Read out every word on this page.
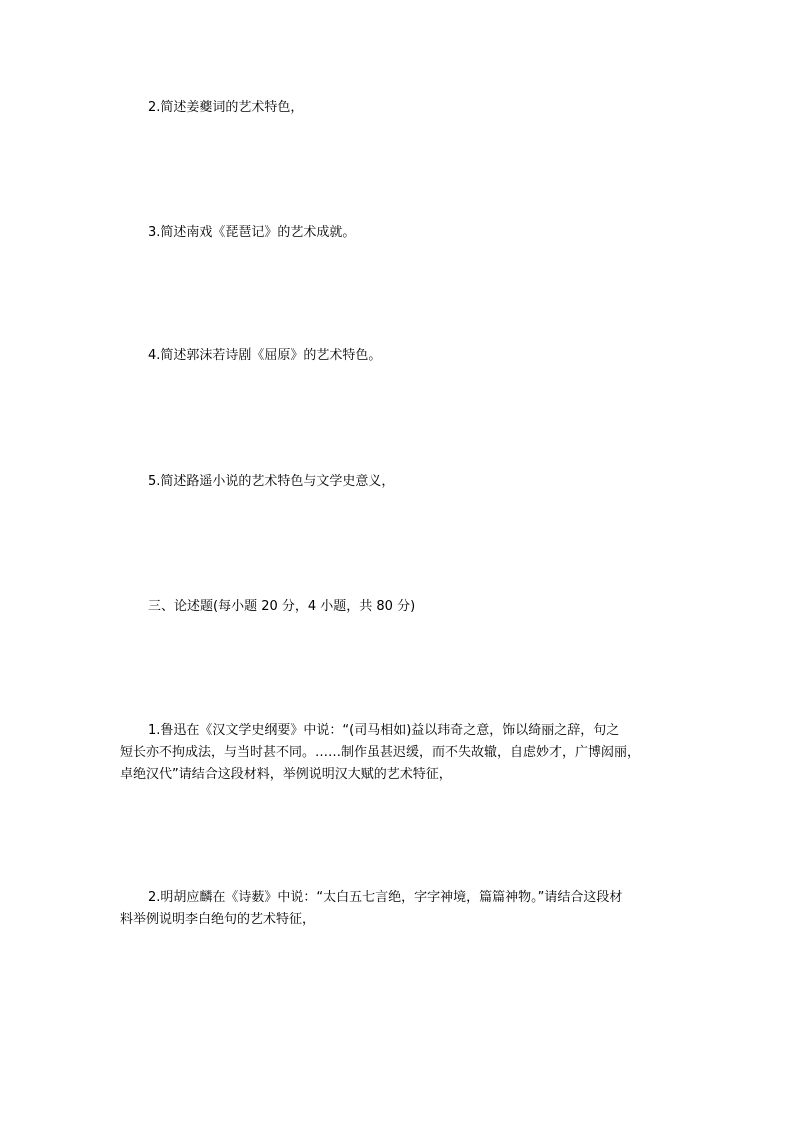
2.简述姜夔词的艺术特色，
3.简述南戏《琵琶记》的艺术成就。
4.简述郭沫若诗剧《屈原》的艺术特色。
5.简述路遥小说的艺术特色与文学史意义，
三、论述题(每小题 20 分，4 小题，共 80 分)
1.鲁迅在《汉文学史纲要》中说：“(司马相如)益以玮奇之意，饰以绮丽之辞，句之
短长亦不拘成法，与当时甚不同。……制作虽甚迟缓，而不失故辙，自虑妙才，广博闳丽，
卓绝汉代”请结合这段材料，举例说明汉大赋的艺术特征，
2.明胡应麟在《诗薮》中说：“太白五七言绝，字字神境，篇篇神物。”请结合这段材
料举例说明李白绝句的艺术特征，
